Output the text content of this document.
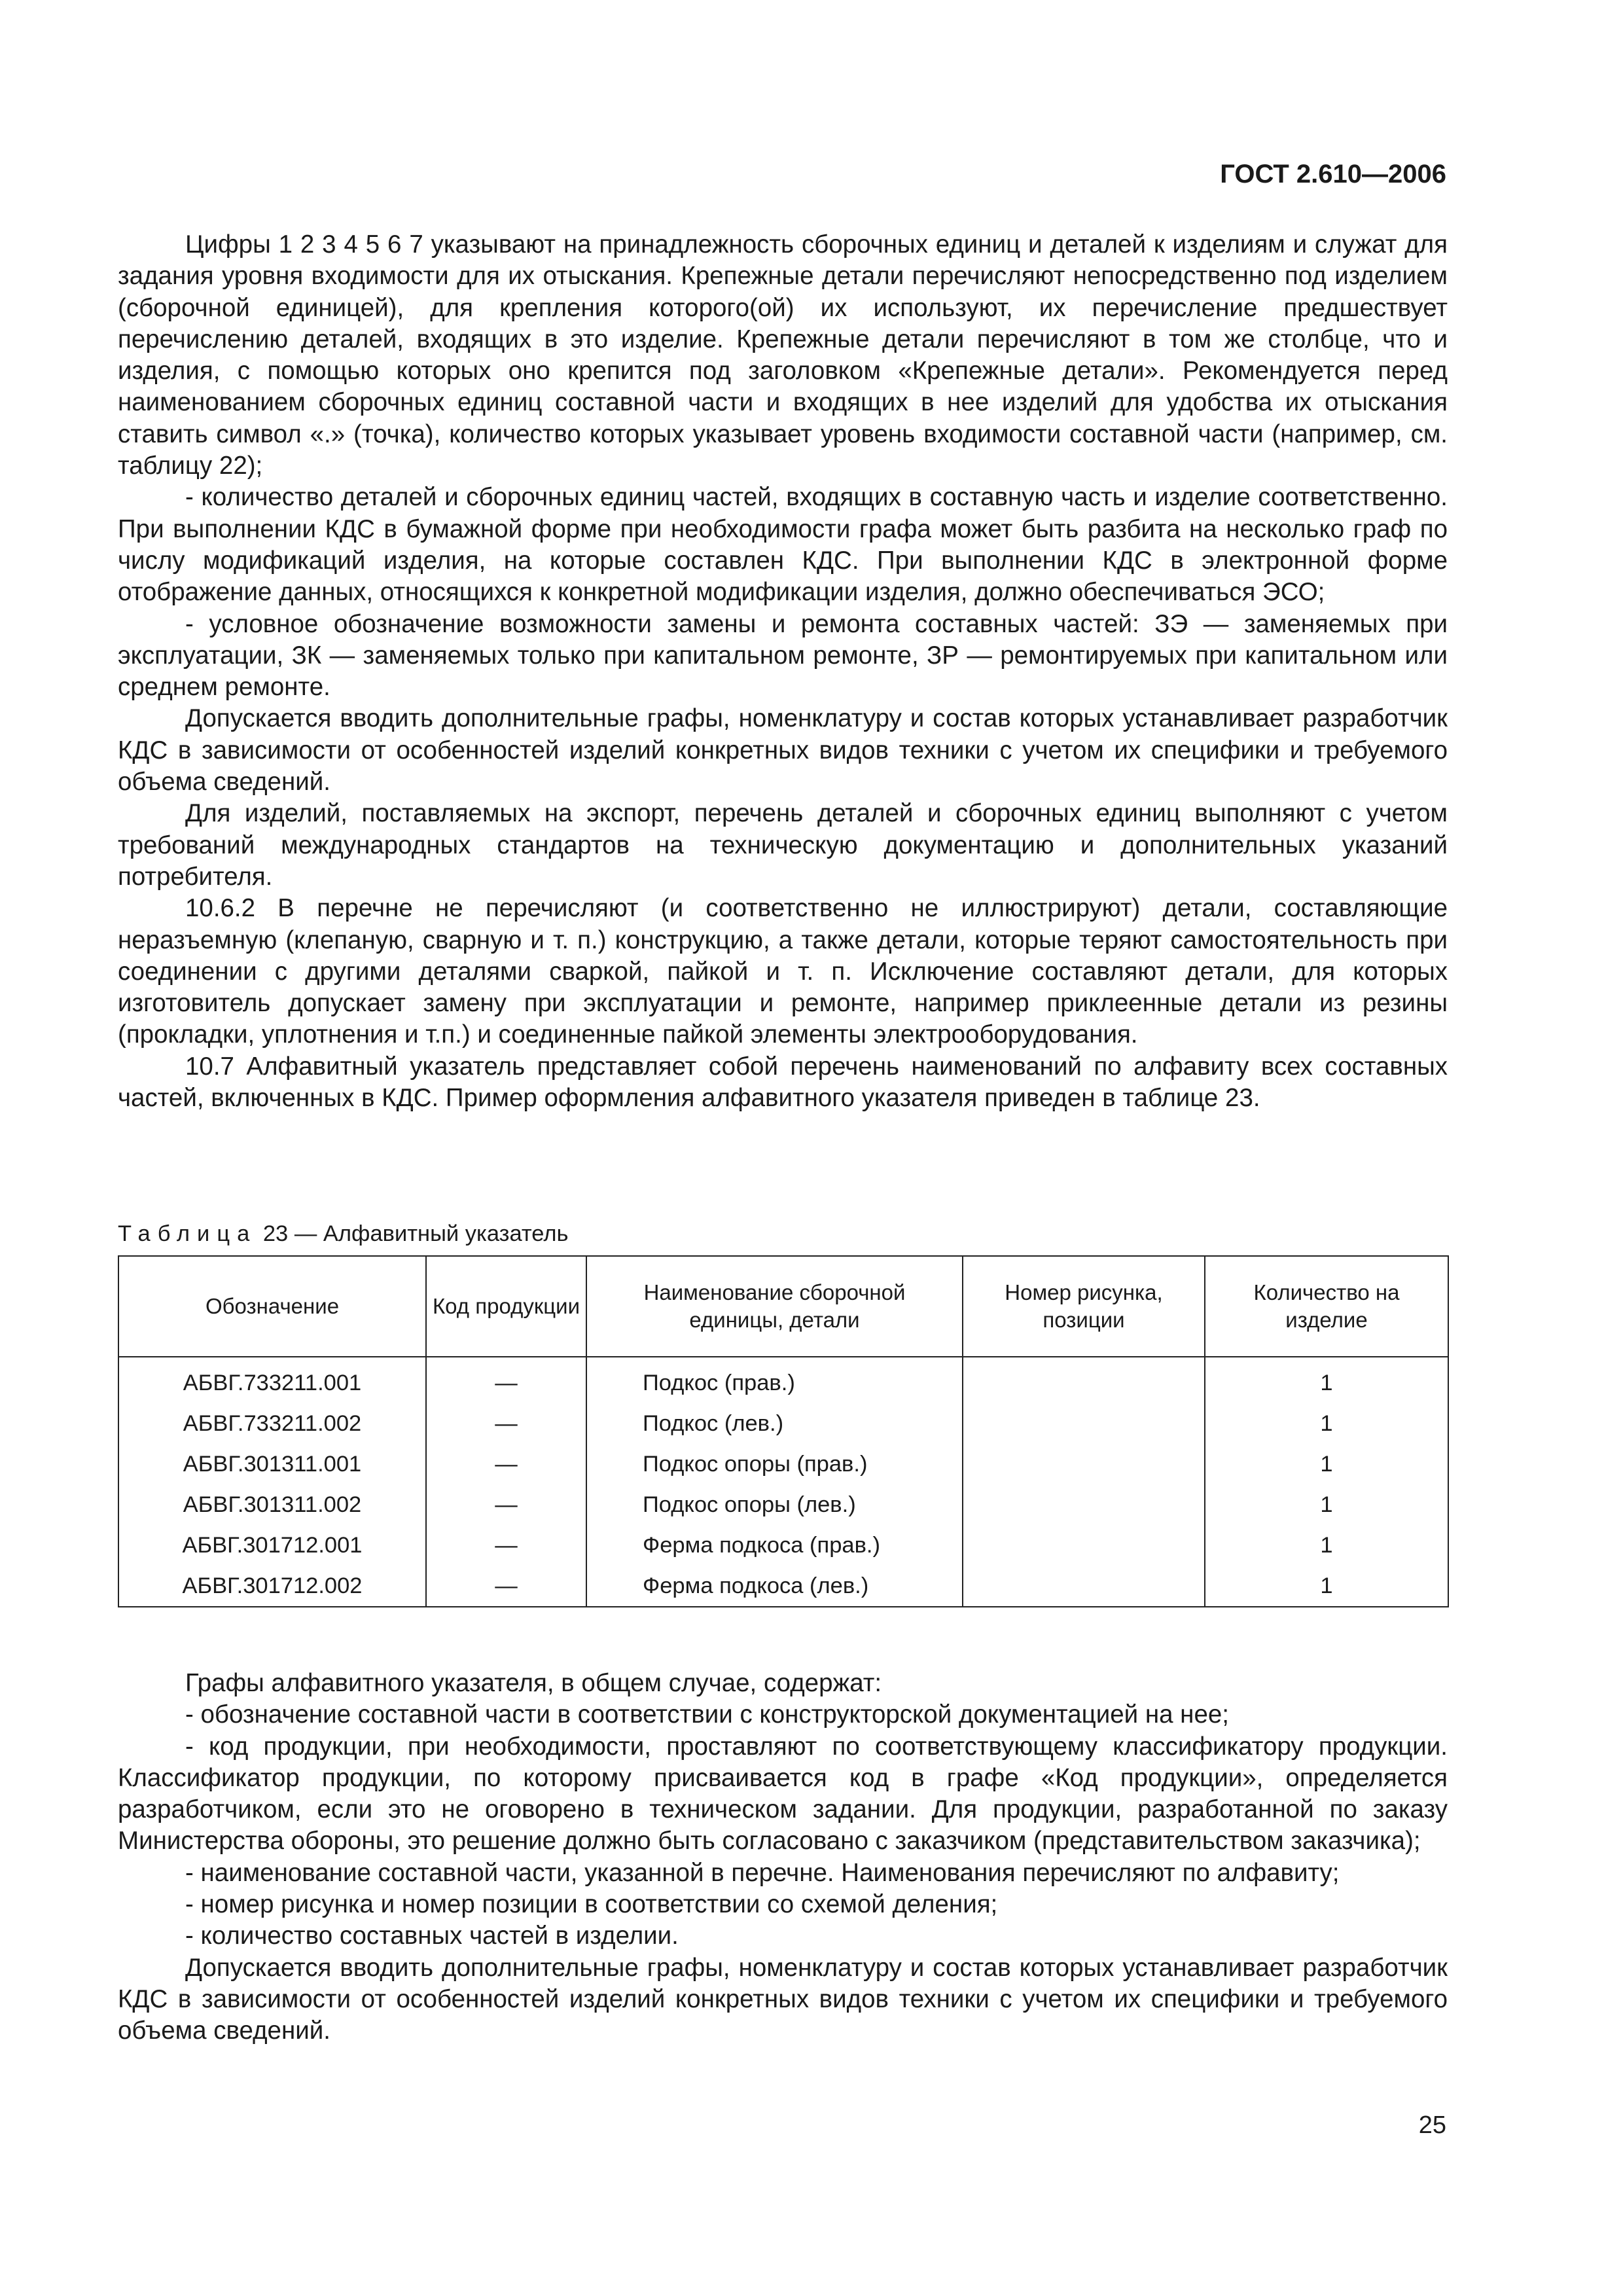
ГОСТ 2.610—2006

Цифры 1 2 3 4 5 6 7 указывают на принадлежность сборочных единиц и деталей к изделиям и служат для задания уровня входимости для их отыскания. Крепежные детали перечисляют непосредственно под изделием (сборочной единицей), для крепления которого(ой) их используют, их перечисление предшествует перечислению деталей, входящих в это изделие. Крепежные детали перечисляют в том же столбце, что и изделия, с помощью которых оно крепится под заголовком «Крепежные детали». Рекомендуется перед наименованием сборочных единиц составной части и входящих в нее изделий для удобства их отыскания ставить символ «.» (точка), количество которых указывает уровень входимости составной части (например, см. таблицу 22);

- количество деталей и сборочных единиц частей, входящих в составную часть и изделие соответственно. При выполнении КДС в бумажной форме при необходимости графа может быть разбита на несколько граф по числу модификаций изделия, на которые составлен КДС. При выполнении КДС в электронной форме отображение данных, относящихся к конкретной модификации изделия, должно обеспечиваться ЭСО;

- условное обозначение возможности замены и ремонта составных частей: ЗЭ — заменяемых при эксплуатации, ЗК — заменяемых только при капитальном ремонте, ЗР — ремонтируемых при капитальном или среднем ремонте.

Допускается вводить дополнительные графы, номенклатуру и состав которых устанавливает разработчик КДС в зависимости от особенностей изделий конкретных видов техники с учетом их специфики и требуемого объема сведений.

Для изделий, поставляемых на экспорт, перечень деталей и сборочных единиц выполняют с учетом требований международных стандартов на техническую документацию и дополнительных указаний потребителя.

10.6.2 В перечне не перечисляют (и соответственно не иллюстрируют) детали, составляющие неразъемную (клепаную, сварную и т. п.) конструкцию, а также детали, которые теряют самостоятельность при соединении с другими деталями сваркой, пайкой и т. п. Исключение составляют детали, для которых изготовитель допускает замену при эксплуатации и ремонте, например приклеенные детали из резины (прокладки, уплотнения и т.п.) и соединенные пайкой элементы электрооборудования.

10.7 Алфавитный указатель представляет собой перечень наименований по алфавиту всех составных частей, включенных в КДС. Пример оформления алфавитного указателя приведен в таблице 23.

Таблица 23 — Алфавитный указатель
Обозначение	Код продукции	Наименование сборочной единицы, детали	Номер рисунка, позиции	Количество на изделие
АБВГ.733211.001	—	Подкос (прав.)		1
АБВГ.733211.002	—	Подкос (лев.)		1
АБВГ.301311.001	—	Подкос опоры (прав.)		1
АБВГ.301311.002	—	Подкос опоры (лев.)		1
АБВГ.301712.001	—	Ферма подкоса (прав.)		1
АБВГ.301712.002	—	Ферма подкоса (лев.)		1

Графы алфавитного указателя, в общем случае, содержат:

- обозначение составной части в соответствии с конструкторской документацией на нее;

- код продукции, при необходимости, проставляют по соответствующему классификатору продукции. Классификатор продукции, по которому присваивается код в графе «Код продукции», определяется разработчиком, если это не оговорено в техническом задании. Для продукции, разработанной по заказу Министерства обороны, это решение должно быть согласовано с заказчиком (представительством заказчика);

- наименование составной части, указанной в перечне. Наименования перечисляют по алфавиту;

- номер рисунка и номер позиции в соответствии со схемой деления;

- количество составных частей в изделии.

Допускается вводить дополнительные графы, номенклатуру и состав которых устанавливает разработчик КДС в зависимости от особенностей изделий конкретных видов техники с учетом их специфики и требуемого объема сведений.

25
